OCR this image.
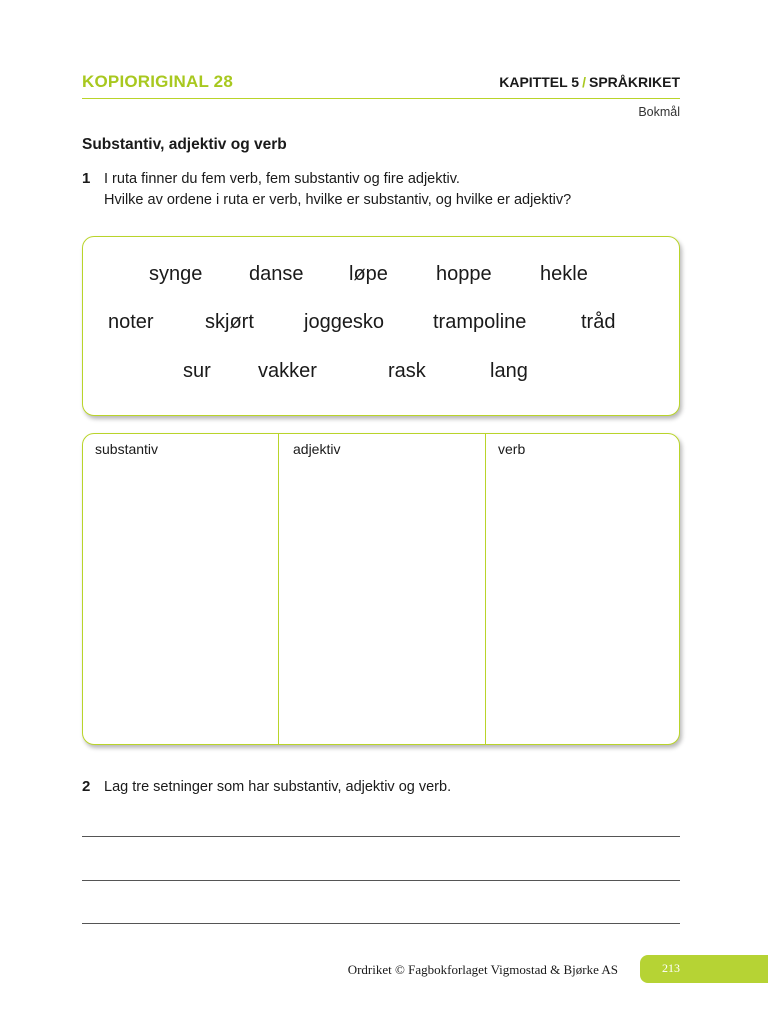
KOPIORIGINAL 28	KAPITTEL 5 / SPRÅKRIKET
Bokmål
Substantiv, adjektiv og verb
1 I ruta finner du fem verb, fem substantiv og fire adjektiv.
Hvilke av ordene i ruta er verb, hvilke er substantiv, og hvilke er adjektiv?
synge danse løpe hoppe hekle
noter	skjørt	joggesko trampoline	tråd
sur vakker	rask	lang
substantiv	adjektiv	verb
2 Lag tre setninger som har substantiv, adjektiv og verb.
Ordriket © Fagbokforlaget Vigmostad & Bjørke AS	213
